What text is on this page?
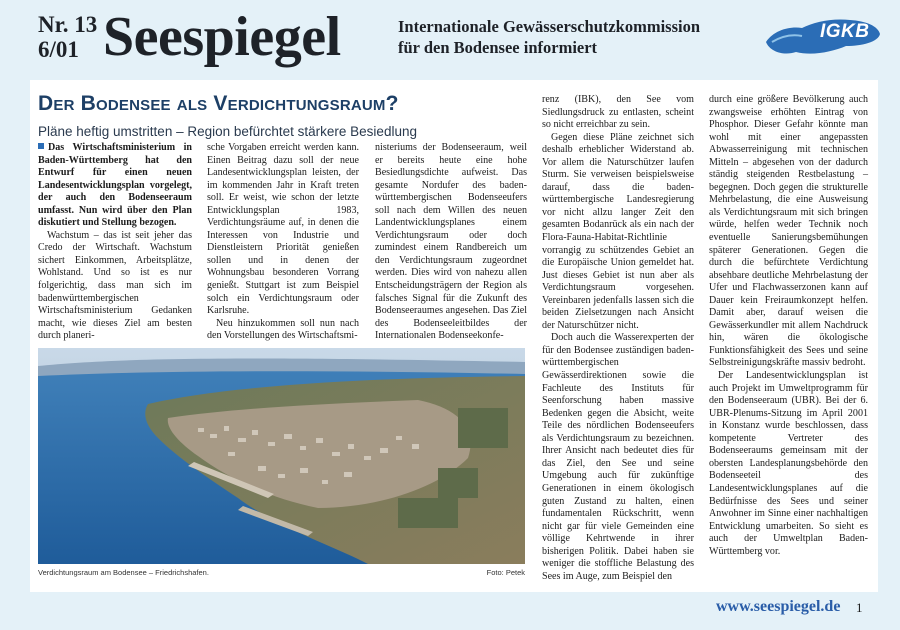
Nr. 13
6/01 Seespiegel	Internationale Gewässerschutzkommission
für den Bodensee informiert
IGKB
Der Bodensee als Verdichtungsraum?
Pläne heftig umstritten – Region befürchtet stärkere Besiedlung

Das Wirtschaftsministerium in Baden-Württemberg hat den Entwurf für einen neuen Landesentwicklungsplan vorgelegt, der auch den Bodenseeraum umfasst. Nun wird über den Plan diskutiert und Stellung bezogen.

Wachstum – das ist seit jeher das Credo der Wirtschaft. Wachstum sichert Einkommen, Arbeitsplätze, Wohlstand. Und so ist es nur folgerichtig, dass man sich im badenwürttembergischen Wirtschaftsministerium Gedanken macht, wie dieses Ziel am besten durch planeri-

sche Vorgaben erreicht werden kann. Einen Beitrag dazu soll der neue Landesentwicklungsplan leisten, der im kommenden Jahr in Kraft treten soll. Er weist, wie schon der letzte Entwicklungsplan 1983, Verdichtungsräume auf, in denen die Interessen von Industrie und Dienstleistern Priorität genießen sollen und in denen der Wohnungsbau besonderen Vorrang genießt. Stuttgart ist zum Beispiel solch ein Verdichtungsraum oder Karlsruhe.

Neu hinzukommen soll nun nach den Vorstellungen des Wirtschaftsmi-

nisteriums der Bodenseeraum, weil er bereits heute eine hohe Besiedlungsdichte aufweist. Das gesamte Nordufer des baden-württembergischen Bodenseeufers soll nach dem Willen des neuen Landentwicklungsplanes einem Verdichtungsraum oder doch zumindest einem Randbereich um den Verdichtungsraum zugeordnet werden. Dies wird von nahezu allen Entscheidungsträgern der Region als falsches Signal für die Zukunft des Bodenseeraumes angesehen. Das Ziel des Bodenseeleitbildes der Internationalen Bodenseekonfe-

renz (IBK), den See vom Siedlungsdruck zu entlasten, scheint so nicht erreichbar zu sein.

Gegen diese Pläne zeichnet sich deshalb erheblicher Widerstand ab. Vor allem die Naturschützer laufen Sturm. Sie verweisen beispielsweise darauf, dass die baden-württembergische Landesregierung vor nicht allzu langer Zeit den gesamten Bodanrück als ein nach der Flora-Fauna-Habitat-Richtlinie vorrangig zu schützendes Gebiet an die Europäische Union gemeldet hat. Just dieses Gebiet ist nun aber als Verdichtungsraum vorgesehen. Vereinbaren jedenfalls lassen sich die beiden Zielsetzungen nach Ansicht der Naturschützer nicht.

Doch auch die Wasserexperten der für den Bodensee zuständigen baden-württembergischen Gewässerdirektionen sowie die Fachleute des Instituts für Seenforschung haben massive Bedenken gegen die Absicht, weite Teile des nördlichen Bodenseeufers als Verdichtungsraum zu bezeichnen. Ihrer Ansicht nach bedeutet dies für das Ziel, den See und seine Umgebung auch für zukünftige Generationen in einem ökologisch guten Zustand zu halten, einen fundamentalen Rückschritt, wenn nicht gar für viele Gemeinden eine völlige Kehrtwende in ihrer bisherigen Politik. Dabei haben sie weniger die stoffliche Belastung des Sees im Auge, zum Beispiel den

durch eine größere Bevölkerung auch zwangsweise erhöhten Eintrag von Phosphor. Dieser Gefahr könnte man wohl mit einer angepassten Abwasserreinigung mit technischen Mitteln – abgesehen von der dadurch ständig steigenden Restbelastung – begegnen. Doch gegen die strukturelle Mehrbelastung, die eine Ausweisung als Verdichtungsraum mit sich bringen würde, helfen weder Technik noch eventuelle Sanierungsbemühungen späterer Generationen. Gegen die durch die befürchtete Verdichtung absehbare deutliche Mehrbelastung der Ufer und Flachwasserzonen kann auf Dauer kein Freiraumkonzept helfen. Damit aber, darauf weisen die Gewässerkundler mit allem Nachdruck hin, wären die ökologische Funktionsfähigkeit des Sees und seine Selbstreinigungskräfte massiv bedroht.

Der Landesentwicklungsplan ist auch Projekt im Umweltprogramm für den Bodenseeraum (UBR). Bei der 6. UBR-Plenums-Sitzung im April 2001 in Konstanz wurde beschlossen, dass kompetente Vertreter des Bodenseeraums gemeinsam mit der obersten Landesplanungsbehörde den Bodenseeteil des Landesentwicklungsplanes auf die Bedürfnisse des Sees und seiner Anwohner im Sinne einer nachhaltigen Entwicklung umarbeiten. So sieht es auch der Umweltplan Baden-Württemberg vor.

Verdichtungsraum am Bodensee – Friedrichshafen.	Foto: Petek
www.seespiegel.de 1
